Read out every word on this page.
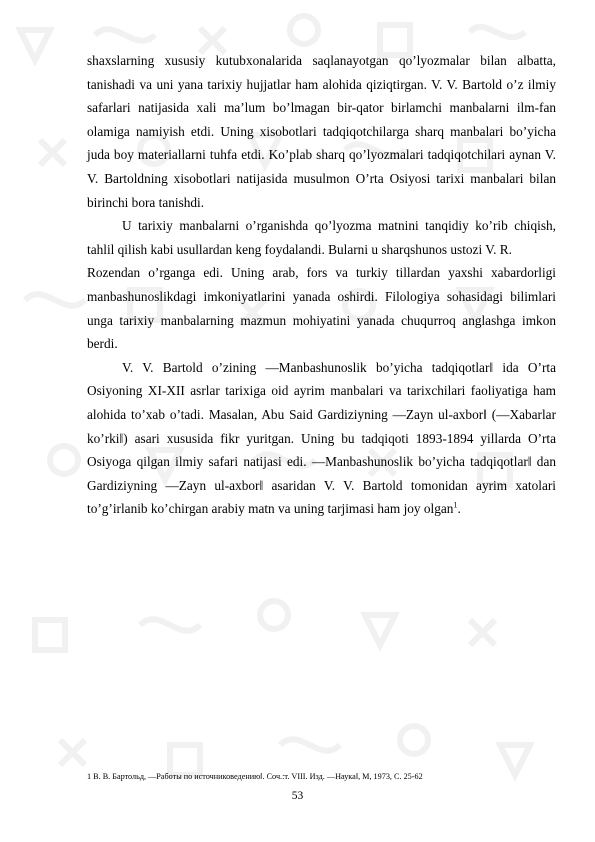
shaxslarning xususiy kutubxonalarida saqlanayotgan qo’lyozmalar bilan albatta, tanishadi va uni yana tarixiy hujjatlar ham alohida qiziqtirgan. V. V. Bartold o’z ilmiy safarlari natijasida xali ma’lum bo’lmagan bir-qator birlamchi manbalarni ilm-fan olamiga namiyish etdi. Uning xisobotlari tadqiqotchilarga sharq manbalari bo’yicha juda boy materiallarni tuhfa etdi. Ko’plab sharq qo’lyozmalari tadqiqotchilari aynan V. V. Bartoldning xisobotlari natijasida musulmon O’rta Osiyosi tarixi manbalari bilan birinchi bora tanishdi.

U tarixiy manbalarni o’rganishda qo’lyozma matnini tanqidiy ko’rib chiqish, tahlil qilish kabi usullardan keng foydalandi. Bularni u sharqshunos ustozi V. R.

Rozendan o’rganga edi. Uning arab, fors va turkiy tillardan yaxshi xabardorligi manbashunoslikdagi imkoniyatlarini yanada oshirdi. Filologiya sohasidagi bilimlari unga tarixiy manbalarning mazmun mohiyatini yanada chuqurroq anglashga imkon berdi.

V. V. Bartold o’zining ―Manbashunoslik bo’yicha tadqiqotlar‖ ida O’rta Osiyoning XI-XII asrlar tarixiga oid ayrim manbalari va tarixchilari faoliyatiga ham alohida to’xab o’tadi. Masalan, Abu Said Gardiziyning ―Zayn ul-axbor‖ (―Xabarlar ko’rki‖) asari xususida fikr yuritgan. Uning bu tadqiqoti 1893-1894 yillarda O’rta Osiyoga qilgan ilmiy safari natijasi edi. ―Manbashunoslik bo’yicha tadqiqotlar‖ dan Gardiziyning ―Zayn ul-axbor‖ asaridan V. V. Bartold tomonidan ayrim xatolari to’g’irlanib ko’chirgan arabiy matn va uning tarjimasi ham joy olgan$^1$.

1 В. В. Бартольд, ―Работы по источниковедению‖. Соч.:т. VIII. Изд. ―Наука‖, М, 1973, С. 25-62
53
